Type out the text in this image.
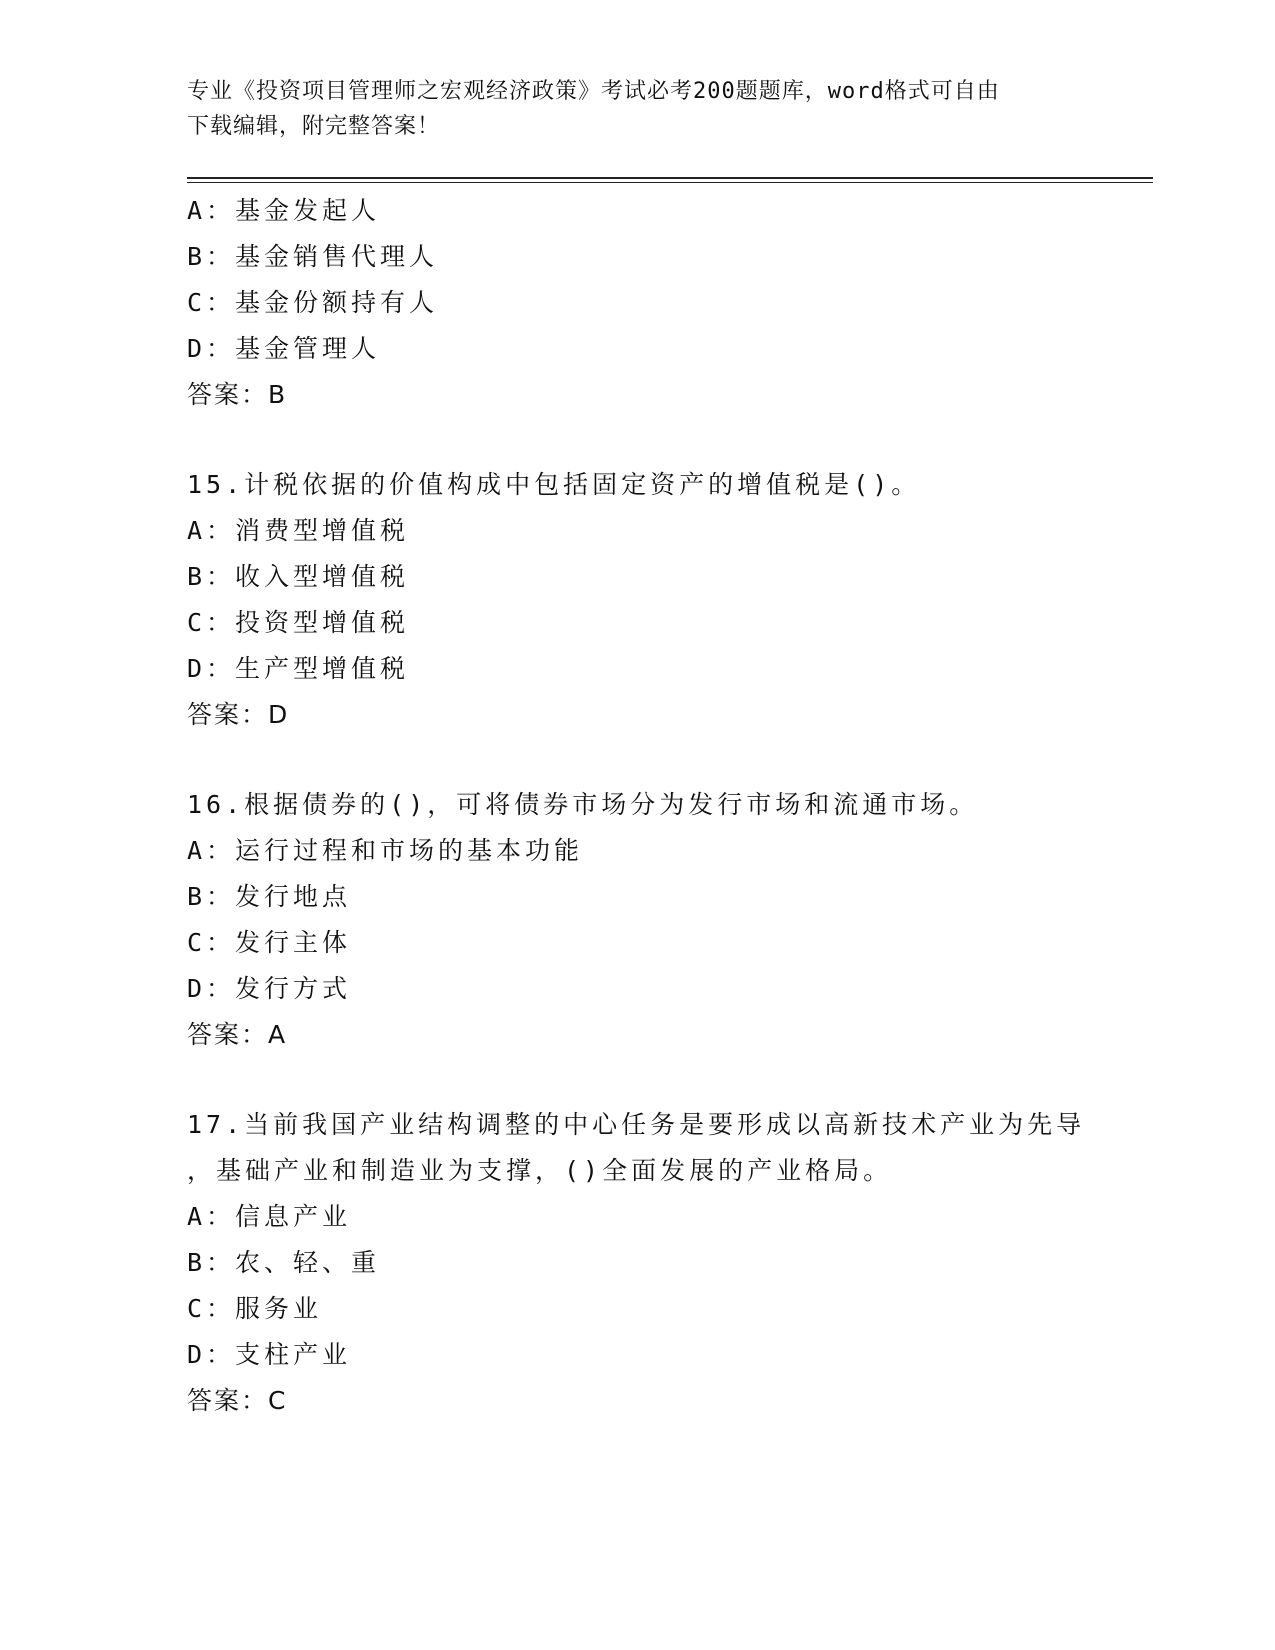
专业《投资项目管理师之宏观经济政策》考试必考200题题库，word格式可自由
下载编辑，附完整答案！
A：基金发起人
B：基金销售代理人
C：基金份额持有人
D：基金管理人
答案：B
15.计税依据的价值构成中包括固定资产的增值税是()。
A：消费型增值税
B：收入型增值税
C：投资型增值税
D：生产型增值税
答案：D
16.根据债券的()，可将债券市场分为发行市场和流通市场。
A：运行过程和市场的基本功能
B：发行地点
C：发行主体
D：发行方式
答案：A
17.当前我国产业结构调整的中心任务是要形成以高新技术产业为先导
，基础产业和制造业为支撑，()全面发展的产业格局。
A：信息产业
B：农、轻、重
C：服务业
D：支柱产业
答案：C
